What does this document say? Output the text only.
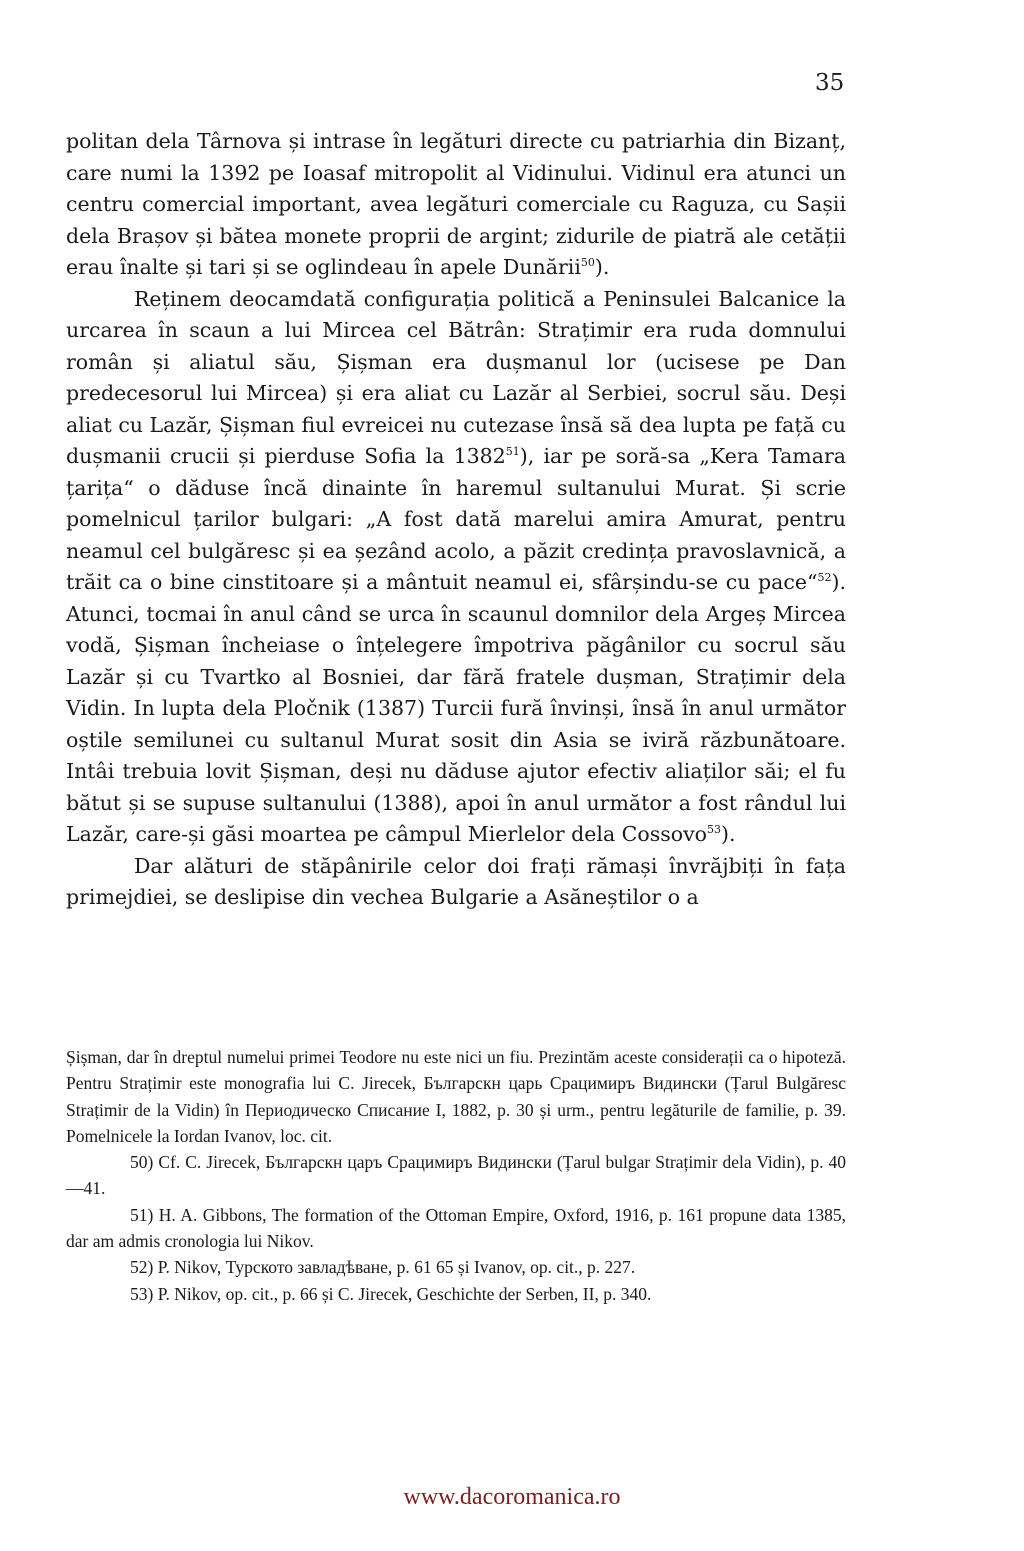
35

politan dela Târnova și intrase în legături directe cu patriarhia din Bizanț, care numi la 1392 pe Ioasaf mitropolit al Vidinului. Vidinul era atunci un centru comercial important, avea legături comerciale cu Raguza, cu Sașii dela Brașov și bătea monete proprii de argint; zidurile de piatră ale cetății erau înalte și tari și se oglindeau în apele Dunării$^{50}$).

Reținem deocamdată configurația politică a Peninsulei Balcanice la urcarea în scaun a lui Mircea cel Bătrân: Strațimir era ruda domnului român și aliatul său, Șișman era dușmanul lor (ucisese pe Dan predecesorul lui Mircea) și era aliat cu Lazăr al Serbiei, socrul său. Deși aliat cu Lazăr, Șișman fiul evreicei nu cutezase însă să dea lupta pe față cu dușmanii crucii și pierduse Sofia la 1382$^{51}$), iar pe soră-sa „Kera Tamara țarița“ o dăduse încă dinainte în haremul sultanului Murat. Și scrie pomelnicul țarilor bulgari: „A fost dată marelui amira Amurat, pentru neamul cel bulgăresc și ea șezând acolo, a păzit credința pravoslavnică, a trăit ca o bine cinstitoare și a mântuit neamul ei, sfârșindu-se cu pace“$^{52}$). Atunci, tocmai în anul când se urca în scaunul domnilor dela Argeș Mircea vodă, Șișman încheiase o înțelegere împotriva păgânilor cu socrul său Lazăr și cu Tvartko al Bosniei, dar fără fratele dușman, Strațimir dela Vidin. In lupta dela Pločnik (1387) Turcii fură învinși, însă în anul următor oștile semilunei cu sultanul Murat sosit din Asia se iviră răzbunătoare. Intâi trebuia lovit Șișman, deși nu dăduse ajutor efectiv aliaților săi; el fu bătut și se supuse sultanului (1388), apoi în anul următor a fost rândul lui Lazăr, care-și găsi moartea pe câmpul Mierlelor dela Cossovo$^{53}$).

Dar alături de stăpânirile celor doi frați rămași învrăjbiți în fața primejdiei, se deslipise din vechea Bulgarie a Asăneștilor o a

Șișman, dar în dreptul numelui primei Teodore nu este nici un fiu. Prezintăm aceste considerații ca o hipoteză. Pentru Strațimir este monografia lui C. Jirecek, Българскн царь Срацимиръ Видински (Țarul Bulgăresc Strațimir de la Vidin) în Периодическо Списание I, 1882, p. 30 și urm., pentru legăturile de familie, p. 39. Pomelnicele la Iordan Ivanov, loc. cit.

50) Cf. C. Jirecek, Българскн царъ Срацимиръ Видински (Țarul bulgar Strațimir dela Vidin), p. 40—41.

51) H. A. Gibbons, The formation of the Ottoman Empire, Oxford, 1916, p. 161 propune data 1385, dar am admis cronologia lui Nikov.

52) P. Nikov, Турското завладѣване, p. 61 65 și Ivanov, op. cit., p. 227.

53) P. Nikov, op. cit., p. 66 și C. Jirecek, Geschichte der Serben, II, p. 340.

www.dacoromanica.ro
